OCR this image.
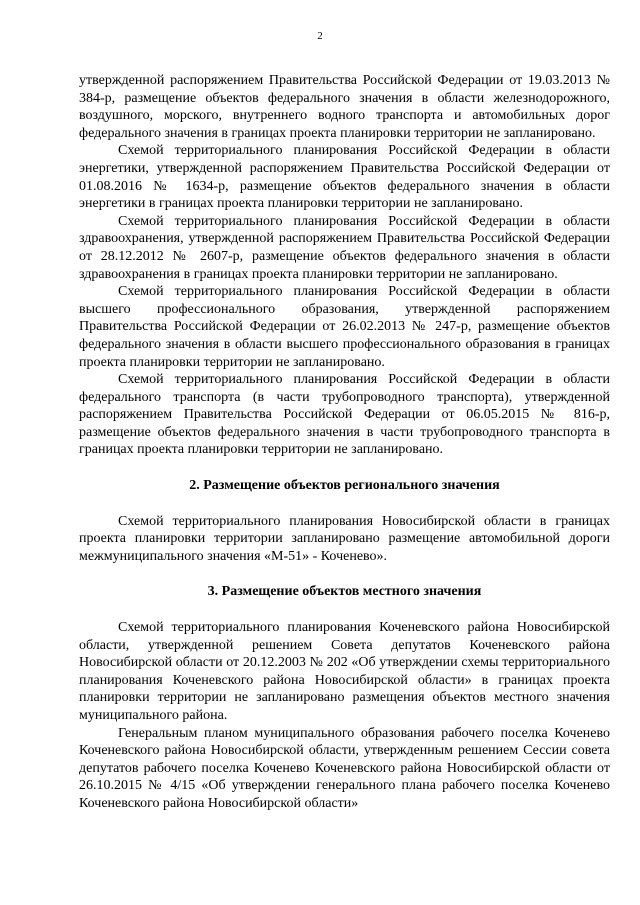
2

утвержденной распоряжением Правительства Российской Федерации от 19.03.2013 № 384-р, размещение объектов федерального значения в области железнодорожного, воздушного, морского, внутреннего водного транспорта и автомобильных дорог федерального значения в границах проекта планировки территории не запланировано.

Схемой территориального планирования Российской Федерации в области энергетики, утвержденной распоряжением Правительства Российской Федерации от 01.08.2016 № 1634-р, размещение объектов федерального значения в области энергетики в границах проекта планировки территории не запланировано.

Схемой территориального планирования Российской Федерации в области здравоохранения, утвержденной распоряжением Правительства Российской Федерации от 28.12.2012 № 2607-р, размещение объектов федерального значения в области здравоохранения в границах проекта планировки территории не запланировано.

Схемой территориального планирования Российской Федерации в области высшего профессионального образования, утвержденной распоряжением Правительства Российской Федерации от 26.02.2013 № 247-р, размещение объектов федерального значения в области высшего профессионального образования в границах проекта планировки территории не запланировано.

Схемой территориального планирования Российской Федерации в области федерального транспорта (в части трубопроводного транспорта), утвержденной распоряжением Правительства Российской Федерации от 06.05.2015 № 816-р, размещение объектов федерального значения в части трубопроводного транспорта в границах проекта планировки территории не запланировано.

2. Размещение объектов регионального значения

Схемой территориального планирования Новосибирской области в границах проекта планировки территории запланировано размещение автомобильной дороги межмуниципального значения «М-51» - Коченево».

3. Размещение объектов местного значения

Схемой территориального планирования Коченевского района Новосибирской области, утвержденной решением Совета депутатов Коченевского района Новосибирской области от 20.12.2003 № 202 «Об утверждении схемы территориального планирования Коченевского района Новосибирской области» в границах проекта планировки территории не запланировано размещения объектов местного значения муниципального района.

Генеральным планом муниципального образования рабочего поселка Коченево Коченевского района Новосибирской области, утвержденным решением Сессии совета депутатов рабочего поселка Коченево Коченевского района Новосибирской области от 26.10.2015 № 4/15 «Об утверждении генерального плана рабочего поселка Коченево Коченевского района Новосибирской области»
